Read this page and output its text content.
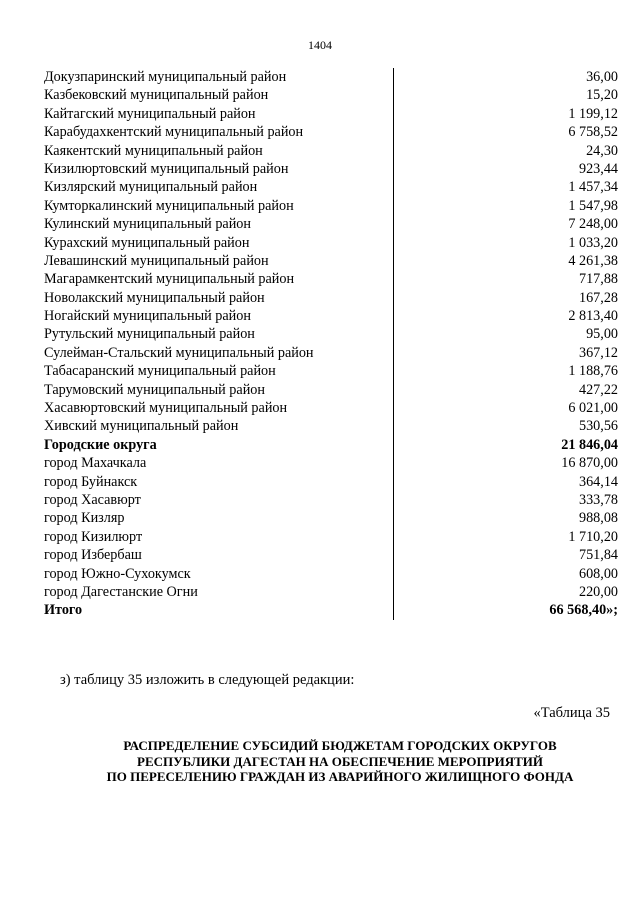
1404
Докузпаринский муниципальный район	36,00
Казбековский муниципальный район	15,20
Кайтагский муниципальный район	1 199,12
Карабудахкентский муниципальный район	6 758,52
Каякентский муниципальный район	24,30
Кизилюртовский муниципальный район	923,44
Кизлярский муниципальный район	1 457,34
Кумторкалинский муниципальный район	1 547,98
Кулинский муниципальный район	7 248,00
Курахский муниципальный район	1 033,20
Левашинский муниципальный район	4 261,38
Магарамкентский муниципальный район	717,88
Новолакский муниципальный район	167,28
Ногайский муниципальный район	2 813,40
Рутульский муниципальный район	95,00
Сулейман-Стальский муниципальный район	367,12
Табасаранский муниципальный район	1 188,76
Тарумовский муниципальный район	427,22
Хасавюртовский муниципальный район	6 021,00
Хивский муниципальный район	530,56
Городские округа	21 846,04
город Махачкала	16 870,00
город Буйнакск	364,14
город Хасавюрт	333,78
город Кизляр	988,08
город Кизилюрт	1 710,20
город Избербаш	751,84
город Южно-Сухокумск	608,00
город Дагестанские Огни	220,00
Итого	66 568,40»;
з) таблицу 35 изложить в следующей редакции:
«Таблица 35
РАСПРЕДЕЛЕНИЕ СУБСИДИЙ БЮДЖЕТАМ ГОРОДСКИХ ОКРУГОВ
РЕСПУБЛИКИ ДАГЕСТАН НА ОБЕСПЕЧЕНИЕ МЕРОПРИЯТИЙ
ПО ПЕРЕСЕЛЕНИЮ ГРАЖДАН ИЗ АВАРИЙНОГО ЖИЛИЩНОГО ФОНДА
